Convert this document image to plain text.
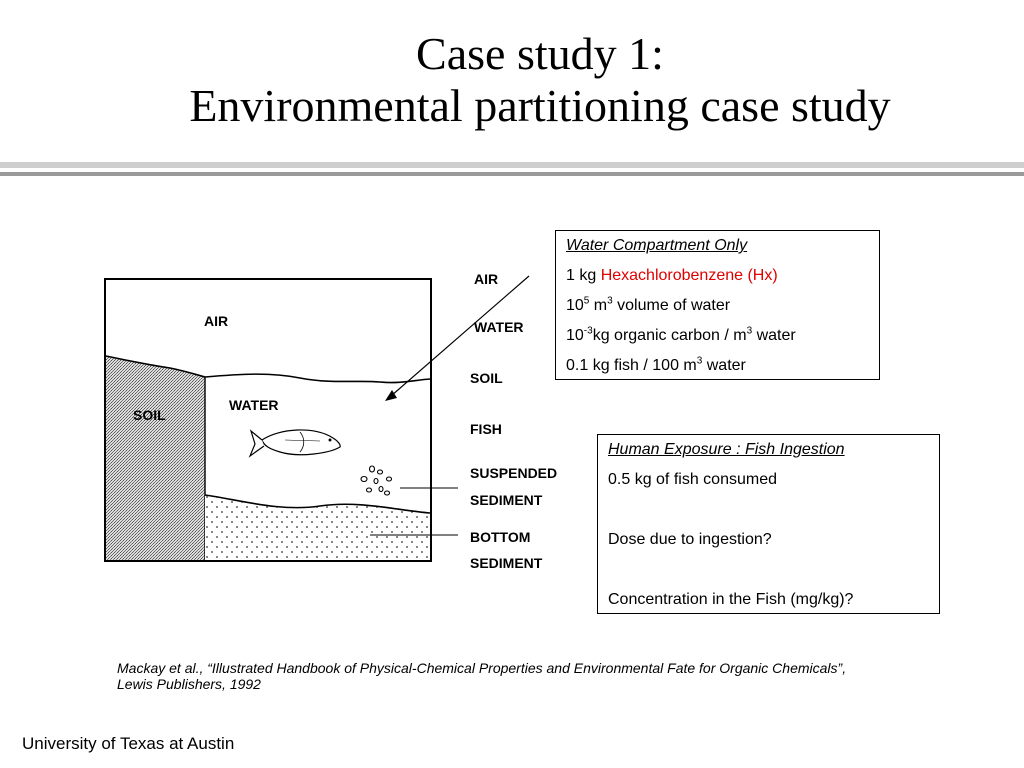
Case study 1:
Environmental partitioning case study
AIR
SOIL
WATER
AIR
WATER
SOIL
FISH
SUSPENDED
SEDIMENT
BOTTOM
SEDIMENT
Water Compartment Only
1 kg Hexachlorobenzene (Hx)
$10^5$ $m^3$ volume of water
$10^{-3}kg$ organic carbon / $m^3$ water
0.1 kg fish / 100 $m^3$ water
Human Exposure : Fish Ingestion
0.5 kg of fish consumed
Dose due to ingestion?
Concentration in the Fish (mg/kg)?
Mackay et al., “Illustrated Handbook of Physical-Chemical Properties and Environmental Fate for Organic Chemicals”, Lewis Publishers, 1992
University of Texas at Austin
